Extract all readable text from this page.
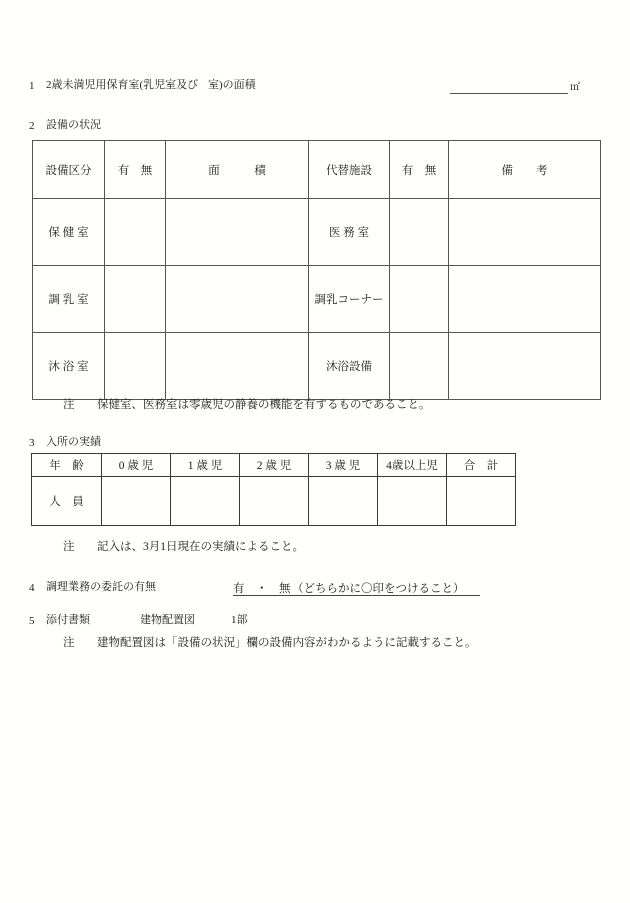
1 2歳未満児用保育室(乳児室及び 室)の面積	㎡
2 設備の状況
設備区分	有　無	面　　　積	代替施設	有　無	備　　考
保 健 室			医 務 室		
調 乳 室			調乳コーナー		
沐 浴 室			沐浴設備		
注 保健室、医務室は零歳児の静養の機能を有するものであること。
3 入所の実績
年　齢	0 歳 児	1 歳 児	2 歳 児	3 歳 児	4歳以上児	合　計
人　員						
注 記入は、3月1日現在の実績によること。
4 調理業務の委託の有無	有　・　無 （どちらかに〇印をつけること）
5 添付書類	建物配置図	1部
注 建物配置図は「設備の状況」欄の設備内容がわかるように記載すること。
